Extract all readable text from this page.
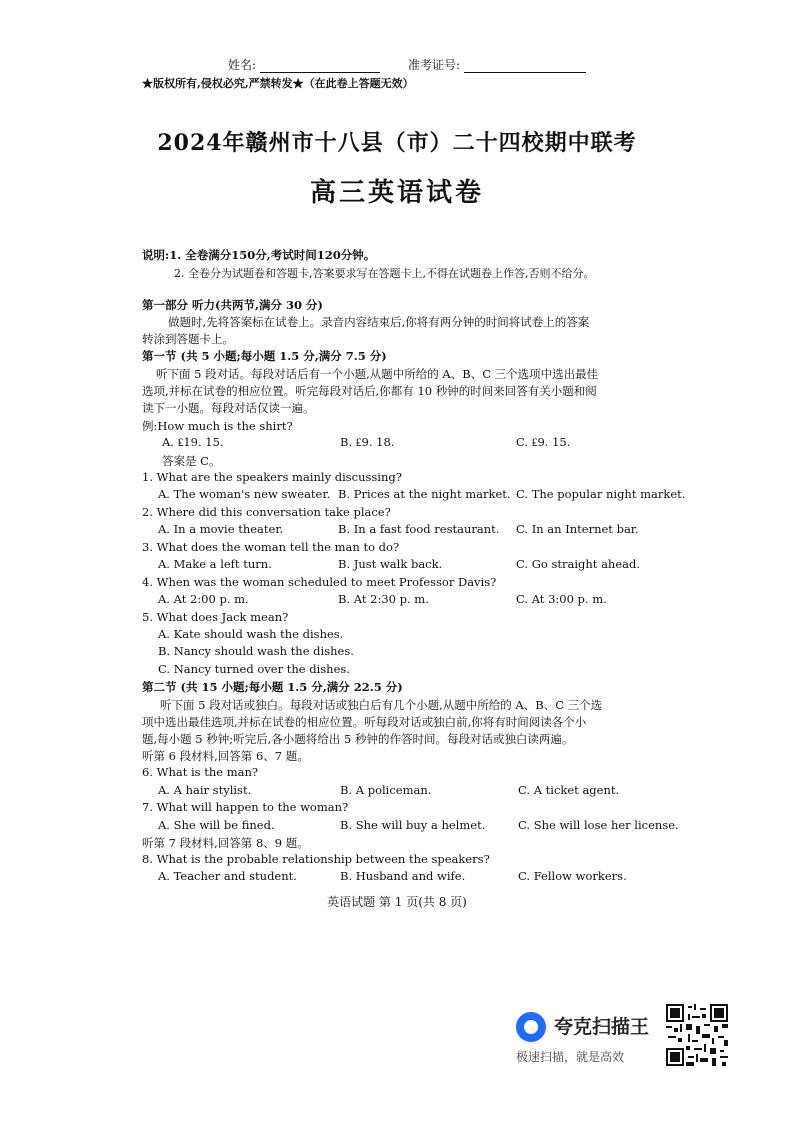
姓名:	准考证号:
★版权所有,侵权必究,严禁转发★（在此卷上答题无效）
2024年赣州市十八县（市）二十四校期中联考
高三英语试卷
说明:1. 全卷满分150分,考试时间120分钟。
2. 全卷分为试题卷和答题卡,答案要求写在答题卡上,不得在试题卷上作答,否则不给分。
第一部分 听力(共两节,满分 30 分)
做题时,先将答案标在试卷上。录音内容结束后,你将有两分钟的时间将试卷上的答案
转涂到答题卡上。
第一节 (共 5 小题;每小题 1.5 分,满分 7.5 分)
听下面 5 段对话。每段对话后有一个小题,从题中所给的 A、B、C 三个选项中选出最佳
选项,并标在试卷的相应位置。听完每段对话后,你都有 10 秒钟的时间来回答有关小题和阅
读下一小题。每段对话仅读一遍。
例:How much is the shirt?
A. ₤19. 15.	B. ₤9. 18.	C. ₤9. 15.
答案是 C。
1. What are the speakers mainly discussing?
A. The woman's new sweater. B. Prices at the night market. C. The popular night market.
2. Where did this conversation take place?
A. In a movie theater.	B. In a fast food restaurant. C. In an Internet bar.
3. What does the woman tell the man to do?
A. Make a left turn.	B. Just walk back.	C. Go straight ahead.
4. When was the woman scheduled to meet Professor Davis?
A. At 2:00 p. m.	B. At 2:30 p. m.	C. At 3:00 p. m.
5. What does Jack mean?
A. Kate should wash the dishes.
B. Nancy should wash the dishes.
C. Nancy turned over the dishes.
第二节 (共 15 小题;每小题 1.5 分,满分 22.5 分)
听下面 5 段对话或独白。每段对话或独白后有几个小题,从题中所给的 A、B、C 三个选
项中选出最佳选项,并标在试卷的相应位置。听每段对话或独白前,你将有时间阅读各个小
题,每小题 5 秒钟;听完后,各小题将给出 5 秒钟的作答时间。每段对话或独白读两遍。
听第 6 段材料,回答第 6、7 题。
6. What is the man?
A. A hair stylist.	B. A policeman.	C. A ticket agent.
7. What will happen to the woman?
A. She will be fined.	B. She will buy a helmet.	C. She will lose her license.
听第 7 段材料,回答第 8、9 题。
8. What is the probable relationship between the speakers?
A. Teacher and student.	B. Husband and wife.	C. Fellow workers.
英语试题 第 1 页(共 8 页)
夸克扫描王
极速扫描，就是高效
